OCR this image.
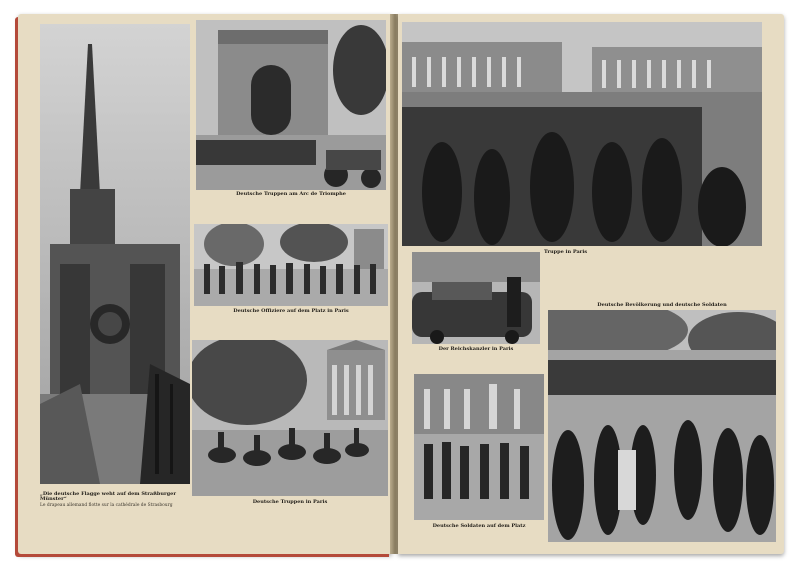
„Die deutsche Flagge weht auf dem Straßburger Münster“
Le drapeau allemand flotte sur la cathédrale de Strasbourg
Deutsche Truppen am Arc de Triomphe
Deutsche Offiziere auf dem Platz in Paris
Deutsche Truppen in Paris
Truppe in Paris
Der Reichskanzler in Paris
Deutsche Soldaten auf dem Platz
Deutsche Bevölkerung und deutsche Soldaten
